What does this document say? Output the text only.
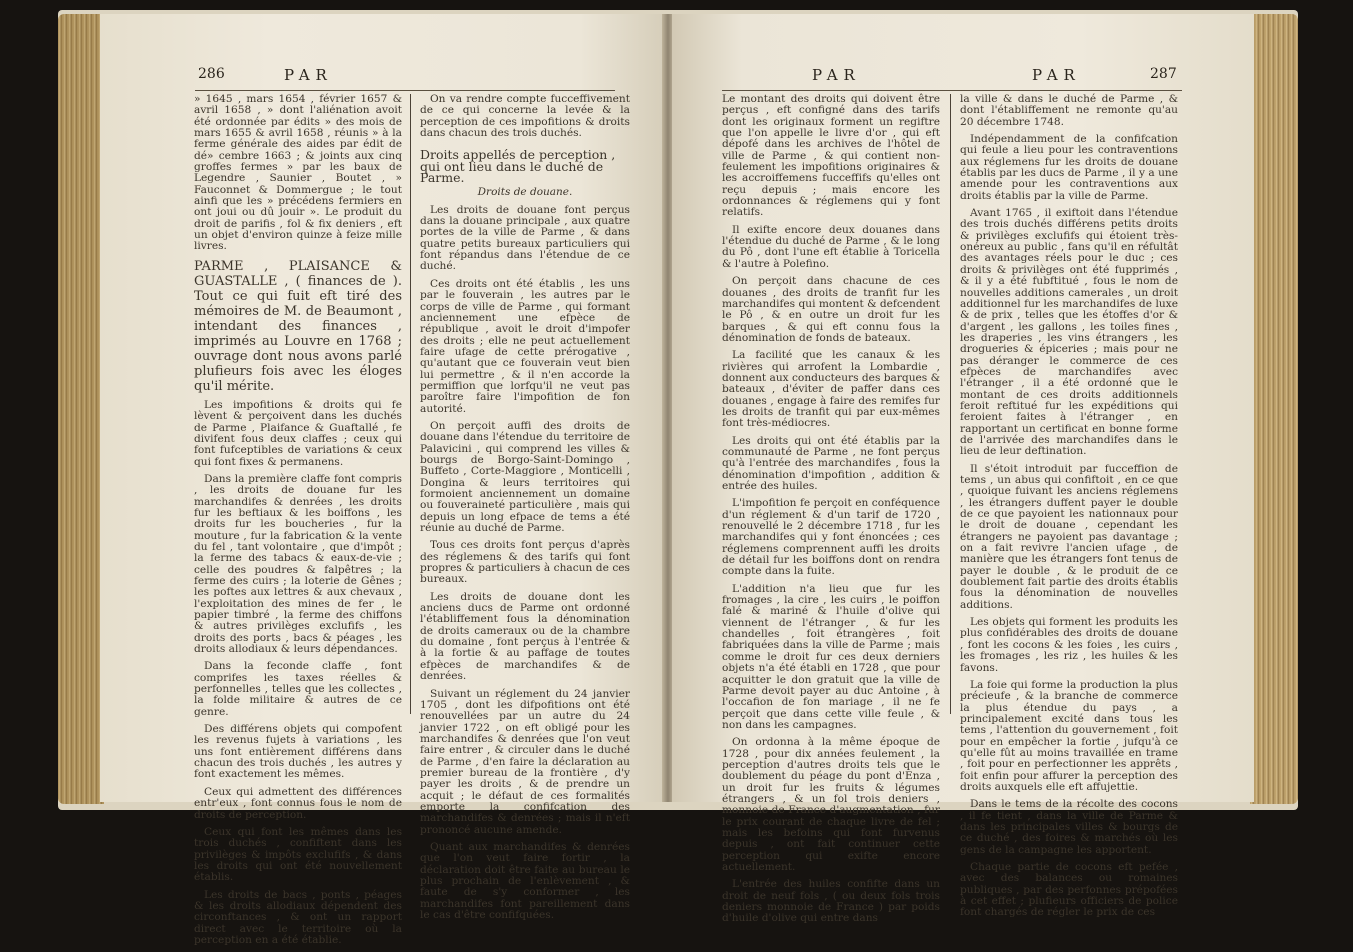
286	PAR

» 1645 , mars 1654 , février 1657 & avril 1658 , » dont l'aliénation avoit été ordonnée par édits » des mois de mars 1655 & avril 1658 , réunis » à la ferme générale des aides par édit de dé» cembre 1663 ; & joints aux cinq groffes fermes » par les baux de Legendre , Saunier , Boutet , » Fauconnet & Dommergue ; le tout ainfi que les » précédens fermiers en ont joui ou dû jouir ». Le produit du droit de parifis , fol & fix deniers , eft un objet d'environ quinze à feize mille livres.

PARME , PLAISANCE & GUASTALLE , ( finances de ). Tout ce qui fuit eft tiré des mémoires de M. de Beaumont , intendant des finances , imprimés au Louvre en 1768 ; ouvrage dont nous avons parlé plufieurs fois avec les éloges qu'il mérite.

Les impofitions & droits qui fe lèvent & perçoivent dans les duchés de Parme , Plaifance & Guaftallé , fe divifent fous deux claffes ; ceux qui font fufceptibles de variations & ceux qui font fixes & permanens.

Dans la première claffe font compris , les droits de douane fur les marchandifes & denrées , les droits fur les beftiaux & les boiffons , les droits fur les boucheries , fur la mouture , fur la fabrication & la vente du fel , tant volontaire , que d'impôt ; la ferme des tabacs & eaux-de-vie ; celle des poudres & falpêtres ; la ferme des cuirs ; la loterie de Gênes ; les poftes aux lettres & aux chevaux , l'exploitation des mines de fer , le papier timbré , la ferme des chiffons & autres privilèges exclufifs , les droits des ports , bacs & péages , les droits allodiaux & leurs dépendances.

Dans la feconde claffe , font comprifes les taxes réelles & perfonnelles , telles que les collectes , la folde militaire & autres de ce genre.

Des différens objets qui compofent les revenus fujets à variations , les uns font entièrement différens dans chacun des trois duchés , les autres y font exactement les mêmes.

Ceux qui admettent des différences entr'eux , font connus fous le nom de droits de perception.

Ceux qui font les mêmes dans les trois duchés , confiftent dans les privilèges & impôts exclufifs , & dans les droits qui ont été nouvellement établis.

Les droits de bacs , ponts , péages & les droits allodiaux dépendent des circonftances , & ont un rapport direct avec le territoire où la perception en a été établie.

On va rendre compte fucceffivement de ce qui concerne la levée & la perception de ces impofitions & droits dans chacun des trois duchés.

Droits appellés de perception , qui ont lieu dans le duché de Parme.
Droits de douane.

Les droits de douane font perçus dans la douane principale , aux quatre portes de la ville de Parme , & dans quatre petits bureaux particuliers qui font répandus dans l'étendue de ce duché.

Ces droits ont été établis , les uns par le fouverain , les autres par le corps de ville de Parme , qui formant anciennement une efpèce de république , avoit le droit d'impofer des droits ; elle ne peut actuellement faire ufage de cette prérogative , qu'autant que ce fouverain veut bien lui permettre , & il n'en accorde la permiffion que lorfqu'il ne veut pas paroître faire l'impofition de fon autorité.

On perçoit auffi des droits de douane dans l'étendue du territoire de Palavicini , qui comprend les villes & bourgs de Borgo-Saint-Domingo , Buffeto , Corte-Maggiore , Monticelli , Dongina & leurs territoires qui formoient anciennement un domaine ou fouveraineté particulière , mais qui depuis un long efpace de tems a été réunie au duché de Parme.

Tous ces droits font perçus d'après des réglemens & des tarifs qui font propres & particuliers à chacun de ces bureaux.

Les droits de douane dont les anciens ducs de Parme ont ordonné l'établiffement fous la dénomination de droits cameraux ou de la chambre du domaine , font perçus à l'entrée & à la fortie & au paffage de toutes efpèces de marchandifes & de denrées.

Suivant un réglement du 24 janvier 1705 , dont les difpofitions ont été renouvellées par un autre du 24 janvier 1722 , on eft obligé pour les marchandifes & denrées que l'on veut faire entrer , & circuler dans le duché de Parme , d'en faire la déclaration au premier bureau de la frontière , d'y payer les droits , & de prendre un acquit ; le défaut de ces formalités emporte la confifcation des marchandifes & denrées ; mais il n'eft prononcé aucune amende.

Quant aux marchandifes & denrées que l'on veut faire fortir , la déclaration doit être faite au bureau le plus prochain de l'enlèvement , & faute de s'y conformer , les marchandifes font pareillement dans le cas d'être confifquées.

PAR	PAR	287

Le montant des droits qui doivent être perçus , eft configné dans des tarifs dont les originaux forment un regiftre que l'on appelle le livre d'or , qui eft dépofé dans les archives de l'hôtel de ville de Parme , & qui contient non-feulement les impofitions originaires & les accroiffemens fucceffifs qu'elles ont reçu depuis ; mais encore les ordonnances & réglemens qui y font relatifs.

Il exifte encore deux douanes dans l'étendue du duché de Parme , & le long du Pô , dont l'une eft établie à Toricella & l'autre à Polefino.

On perçoit dans chacune de ces douanes , des droits de tranfit fur les marchandifes qui montent & defcendent le Pô , & en outre un droit fur les barques , & qui eft connu fous la dénomination de fonds de bateaux.

La facilité que les canaux & les rivières qui arrofent la Lombardie , donnent aux conducteurs des barques & bateaux , d'éviter de paffer dans ces douanes , engage à faire des remifes fur les droits de tranfit qui par eux-mêmes font très-médiocres.

Les droits qui ont été établis par la communauté de Parme , ne font perçus qu'à l'entrée des marchandifes , fous la dénomination d'impofition , addition & entrée des huiles.

L'impofition fe perçoit en conféquence d'un réglement & d'un tarif de 1720 , renouvellé le 2 décembre 1718 , fur les marchandifes qui y font énoncées ; ces réglemens comprennent auffi les droits de détail fur les boiffons dont on rendra compte dans la fuite.

L'addition n'a lieu que fur les fromages , la cire , les cuirs , le poiffon falé & mariné & l'huile d'olive qui viennent de l'étranger , & fur les chandelles , foit étrangères , foit fabriquées dans la ville de Parme ; mais comme le droit fur ces deux derniers objets n'a été établi en 1728 , que pour acquitter le don gratuit que la ville de Parme devoit payer au duc Antoine , à l'occafion de fon mariage , il ne fe perçoit que dans cette ville feule , & non dans les campagnes.

On ordonna à la même époque de 1728 , pour dix années feulement , la perception d'autres droits tels que le doublement du péage du pont d'Enza , un droit fur les fruits & légumes étrangers , & un fol trois deniers , monnoie de France d'augmentation , fur le prix courant de chaque livre de fel ; mais les befoins qui font furvenus depuis , ont fait continuer cette perception qui exifte encore actuellement.

L'entrée des huiles confifte dans un droit de neuf fols , ( ou deux fols trois deniers monnoie de France ) par poids d'huile d'olive qui entre dans

la ville & dans le duché de Parme , & dont l'établiffement ne remonte qu'au 20 décembre 1748.

Indépendamment de la confifcation qui feule a lieu pour les contraventions aux réglemens fur les droits de douane établis par les ducs de Parme , il y a une amende pour les contraventions aux droits établis par la ville de Parme.

Avant 1765 , il exiftoit dans l'étendue des trois duchés différens petits droits & privilèges exclufifs qui étoient très-onéreux au public , fans qu'il en réfultât des avantages réels pour le duc ; ces droits & privilèges ont été fupprimés , & il y a été fubftitué , fous le nom de nouvelles additions camerales , un droit additionnel fur les marchandifes de luxe & de prix , telles que les étoffes d'or & d'argent , les gallons , les toiles fines , les draperies , les vins étrangers , les drogueries & épiceries ; mais pour ne pas déranger le commerce de ces efpèces de marchandifes avec l'étranger , il a été ordonné que le montant de ces droits additionnels feroit reftitué fur les expéditions qui feroient faites à l'étranger , en rapportant un certificat en bonne forme de l'arrivée des marchandifes dans le lieu de leur deftination.

Il s'étoit introduit par fucceffion de tems , un abus qui confiftoit , en ce que , quoique fuivant les anciens réglemens , les étrangers duffent payer le double de ce que payoient les nationnaux pour le droit de douane , cependant les étrangers ne payoient pas davantage ; on a fait revivre l'ancien ufage , de manière que les étrangers font tenus de payer le double , & le produit de ce doublement fait partie des droits établis fous la dénomination de nouvelles additions.

Les objets qui forment les produits les plus confidérables des droits de douane , font les cocons & les foies , les cuirs , les fromages , les riz , les huiles & les favons.

La foie qui forme la production la plus précieufe , & la branche de commerce la plus étendue du pays , a principalement excité dans tous les tems , l'attention du gouvernement , foit pour en empêcher la fortie , jufqu'à ce qu'elle fût au moins travaillée en trame , foit pour en perfectionner les apprêts , foit enfin pour affurer la perception des droits auxquels elle eft affujettie.

Dans le tems de la récolte des cocons , il fe tient , dans la ville de Parme & dans les principales villes & bourgs de ce duché , des foires & marchés où les gens de la campagne les apportent.

Chaque partie de cocons eft pefée , avec des balances ou romaines publiques , par des perfonnes prépofées à cet effet ; plufieurs officiers de police font chargés de régler le prix de ces
